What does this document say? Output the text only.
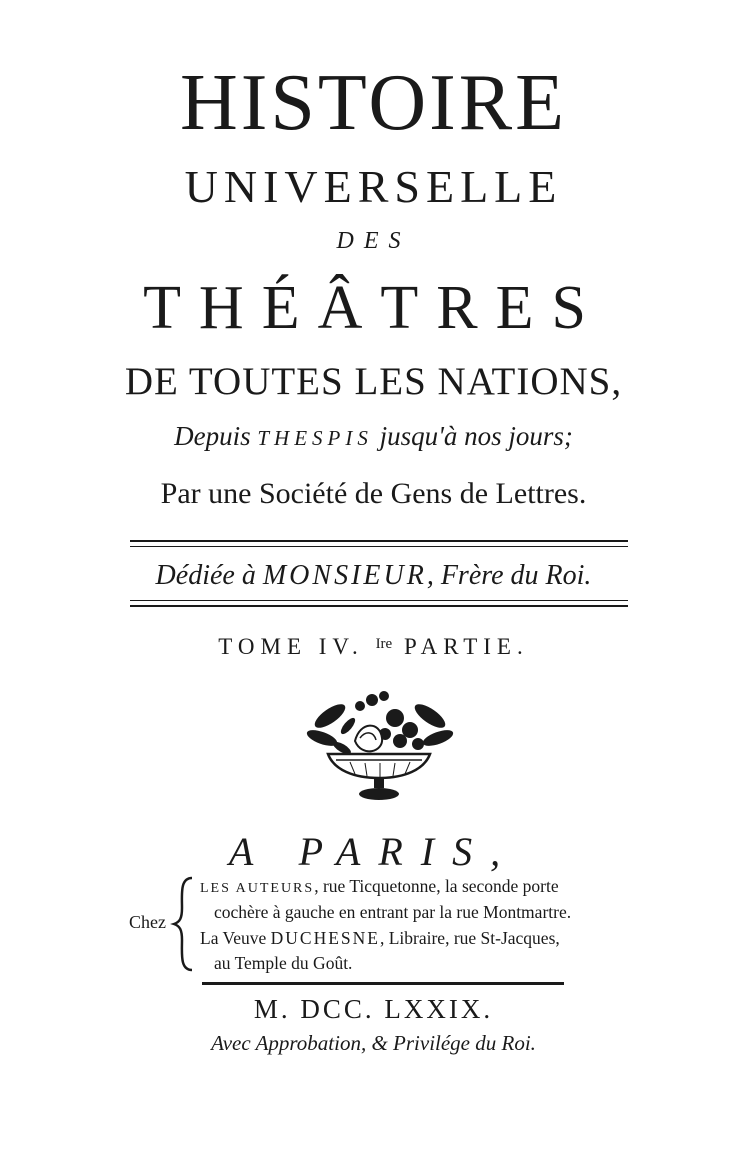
HISTOIRE
UNIVERSELLE
DES
THÉÂTRES
DE TOUTES LES NATIONS,
Depuis THESPIS jusqu'à nos jours;
Par une Société de Gens de Lettres.
Dédiée à MONSIEUR, Frère du Roi.
TOME IV. $^{Ire}$ PARTIE.
A PARIS,
Chez
LES AUTEURS, rue Ticquetonne, la seconde porte
cochère à gauche en entrant par la rue Montmartre.
La Veuve DUCHESNE, Libraire, rue St-Jacques,
au Temple du Goût.
M. DCC. LXXIX.
Avec Approbation, & Privilége du Roi.
